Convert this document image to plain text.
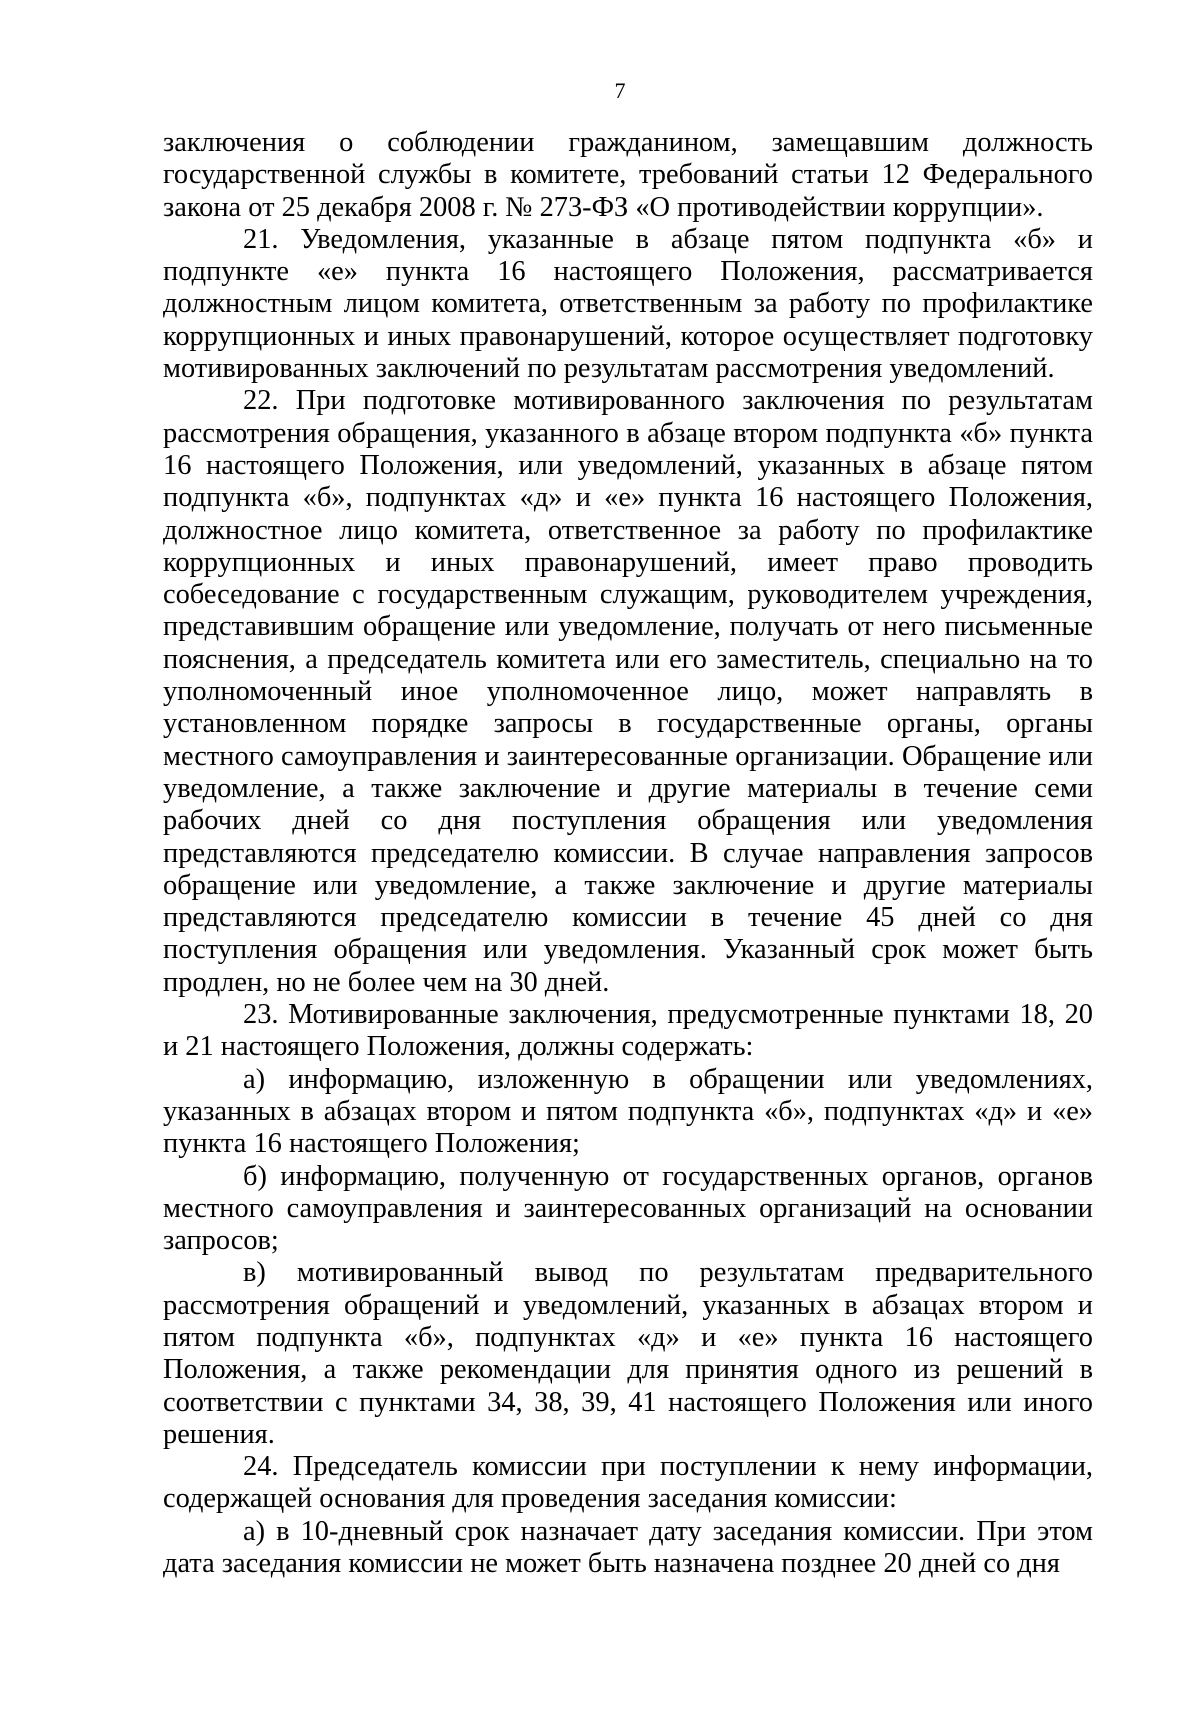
7

заключения о соблюдении гражданином, замещавшим должность государственной службы в комитете, требований статьи 12 Федерального закона от 25 декабря 2008 г. № 273-ФЗ «О противодействии коррупции».

21. Уведомления, указанные в абзаце пятом подпункта «б» и подпункте «е» пункта 16 настоящего Положения, рассматривается должностным лицом комитета, ответственным за работу по профилактике коррупционных и иных правонарушений, которое осуществляет подготовку мотивированных заключений по результатам рассмотрения уведомлений.

22. При подготовке мотивированного заключения по результатам рассмотрения обращения, указанного в абзаце втором подпункта «б» пункта 16 настоящего Положения, или уведомлений, указанных в абзаце пятом подпункта «б», подпунктах «д» и «е» пункта 16 настоящего Положения, должностное лицо комитета, ответственное за работу по профилактике коррупционных и иных правонарушений, имеет право проводить собеседование с государственным служащим, руководителем учреждения, представившим обращение или уведомление, получать от него письменные пояснения, а председатель комитета или его заместитель, специально на то уполномоченный иное уполномоченное лицо, может направлять в установленном порядке запросы в государственные органы, органы местного самоуправления и заинтересованные организации. Обращение или уведомление, а также заключение и другие материалы в течение семи рабочих дней со дня поступления обращения или уведомления представляются председателю комиссии. В случае направления запросов обращение или уведомление, а также заключение и другие материалы представляются председателю комиссии в течение 45 дней со дня поступления обращения или уведомления. Указанный срок может быть продлен, но не более чем на 30 дней.

23. Мотивированные заключения, предусмотренные пунктами 18, 20 и 21 настоящего Положения, должны содержать:

а) информацию, изложенную в обращении или уведомлениях, указанных в абзацах втором и пятом подпункта «б», подпунктах «д» и «е» пункта 16 настоящего Положения;

б) информацию, полученную от государственных органов, органов местного самоуправления и заинтересованных организаций на основании запросов;

в) мотивированный вывод по результатам предварительного рассмотрения обращений и уведомлений, указанных в абзацах втором и пятом подпункта «б», подпунктах «д» и «е» пункта 16 настоящего Положения, а также рекомендации для принятия одного из решений в соответствии с пунктами 34, 38, 39, 41 настоящего Положения или иного решения.

24. Председатель комиссии при поступлении к нему информации, содержащей основания для проведения заседания комиссии:

а) в 10-дневный срок назначает дату заседания комиссии. При этом дата заседания комиссии не может быть назначена позднее 20 дней со дня
